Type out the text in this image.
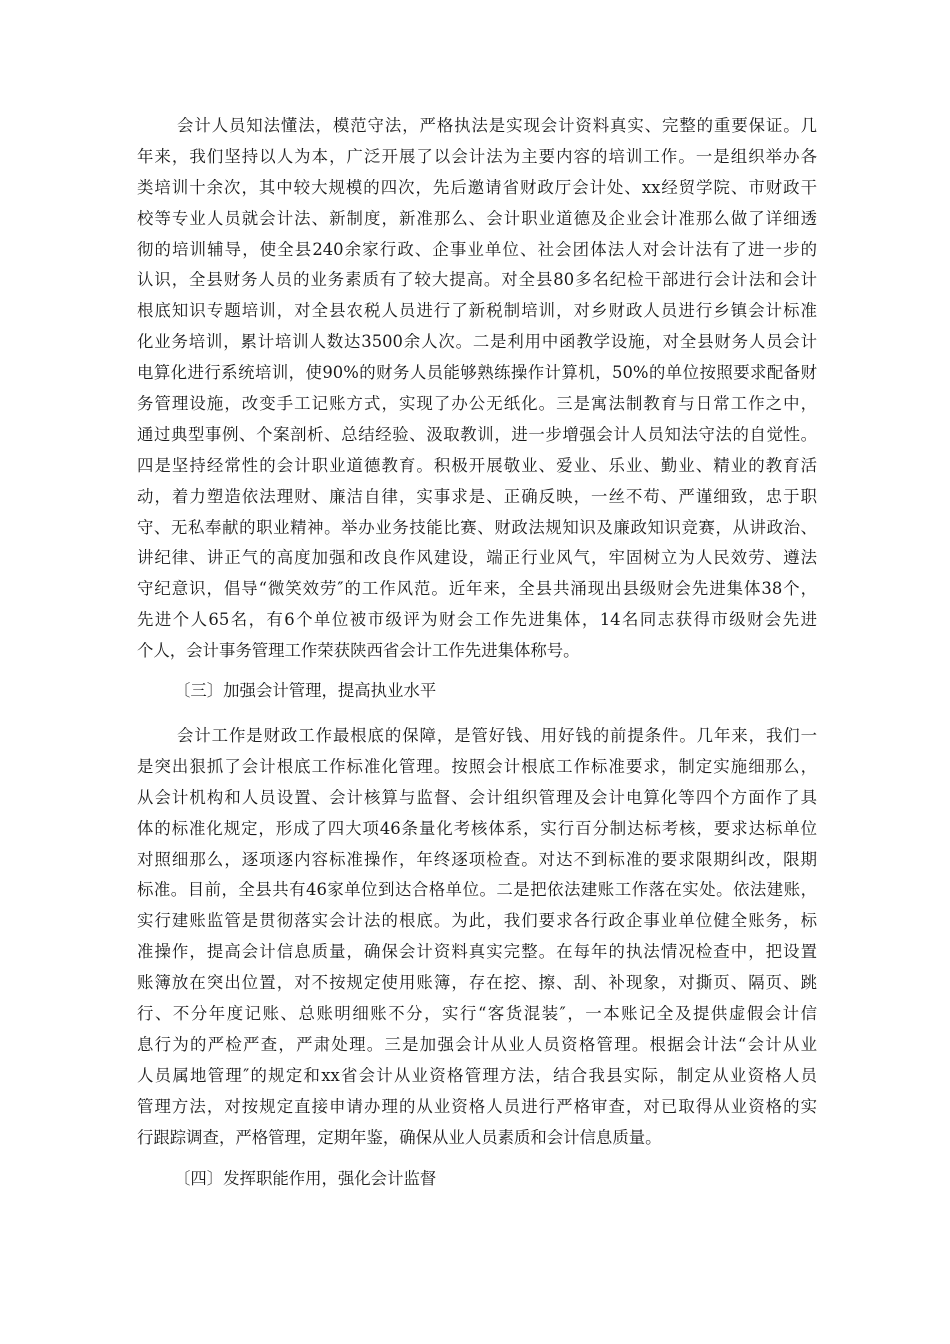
会计人员知法懂法，模范守法，严格执法是实现会计资料真实、完整的重要保证。几
年来，我们坚持以人为本，广泛开展了以会计法为主要内容的培训工作。一是组织举办各
类培训十余次，其中较大规模的四次，先后邀请省财政厅会计处、xx经贸学院、市财政干
校等专业人员就会计法、新制度，新准那么、会计职业道德及企业会计准那么做了详细透
彻的培训辅导，使全县240余家行政、企事业单位、社会团体法人对会计法有了进一步的
认识，全县财务人员的业务素质有了较大提高。对全县80多名纪检干部进行会计法和会计
根底知识专题培训，对全县农税人员进行了新税制培训，对乡财政人员进行乡镇会计标准
化业务培训，累计培训人数达3500余人次。二是利用中函教学设施，对全县财务人员会计
电算化进行系统培训，使90%的财务人员能够熟练操作计算机，50%的单位按照要求配备财
务管理设施，改变手工记账方式，实现了办公无纸化。三是寓法制教育与日常工作之中，
通过典型事例、个案剖析、总结经验、汲取教训，进一步增强会计人员知法守法的自觉性。
四是坚持经常性的会计职业道德教育。积极开展敬业、爱业、乐业、勤业、精业的教育活
动，着力塑造依法理财、廉洁自律，实事求是、正确反映，一丝不苟、严谨细致，忠于职
守、无私奉献的职业精神。举办业务技能比赛、财政法规知识及廉政知识竞赛，从讲政治、
讲纪律、讲正气的高度加强和改良作风建设，端正行业风气，牢固树立为人民效劳、遵法
守纪意识，倡导“微笑效劳″的工作风范。近年来，全县共涌现出县级财会先进集体38个，
先进个人65名，有6个单位被市级评为财会工作先进集体，14名同志获得市级财会先进
个人，会计事务管理工作荣获陕西省会计工作先进集体称号。
〔三〕加强会计管理，提高执业水平
会计工作是财政工作最根底的保障，是管好钱、用好钱的前提条件。几年来，我们一
是突出狠抓了会计根底工作标准化管理。按照会计根底工作标准要求，制定实施细那么，
从会计机构和人员设置、会计核算与监督、会计组织管理及会计电算化等四个方面作了具
体的标准化规定，形成了四大项46条量化考核体系，实行百分制达标考核，要求达标单位
对照细那么，逐项逐内容标准操作，年终逐项检查。对达不到标准的要求限期纠改，限期
标准。目前，全县共有46家单位到达合格单位。二是把依法建账工作落在实处。依法建账，
实行建账监管是贯彻落实会计法的根底。为此，我们要求各行政企事业单位健全账务，标
准操作，提高会计信息质量，确保会计资料真实完整。在每年的执法情况检查中，把设置
账簿放在突出位置，对不按规定使用账簿，存在挖、擦、刮、补现象，对撕页、隔页、跳
行、不分年度记账、总账明细账不分，实行“客货混装″，一本账记全及提供虚假会计信
息行为的严检严查，严肃处理。三是加强会计从业人员资格管理。根据会计法“会计从业
人员属地管理″的规定和xx省会计从业资格管理方法，结合我县实际，制定从业资格人员
管理方法，对按规定直接申请办理的从业资格人员进行严格审查，对已取得从业资格的实
行跟踪调查，严格管理，定期年鉴，确保从业人员素质和会计信息质量。
〔四〕发挥职能作用，强化会计监督
